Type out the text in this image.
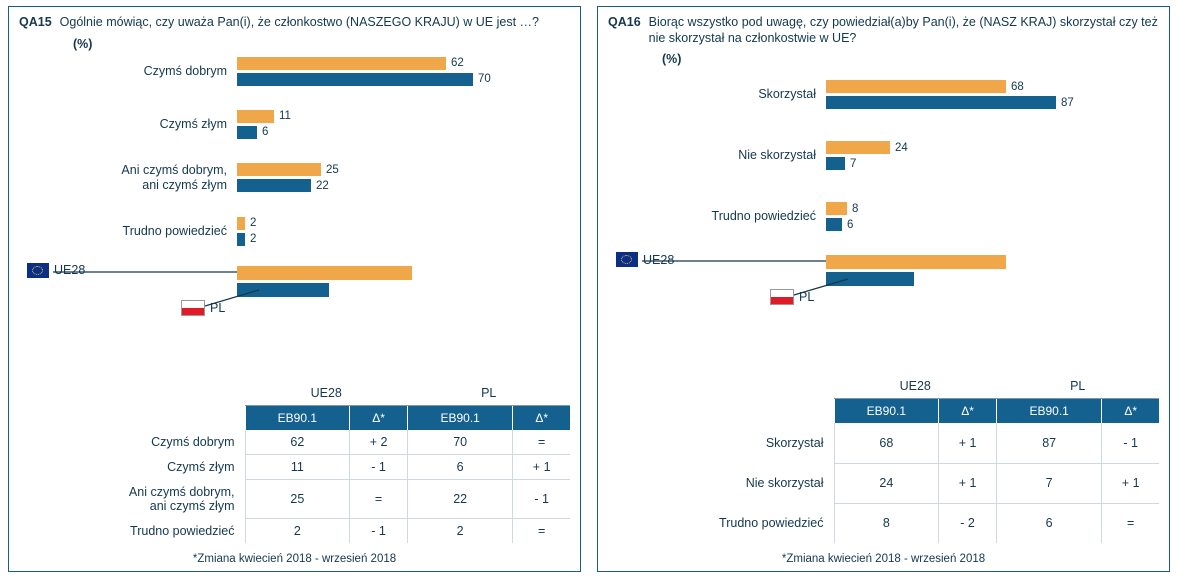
QA15 Ogólnie mówiąc, czy uważa Pan(i), że członkostwo (NASZEGO KRAJU) w UE jest …?
(%)
Czymś dobrym
62
70
Czymś złym
11
6
Ani czymś dobrym,
ani czymś złym
25
22
Trudno powiedzieć
2
2
UE28
PL
	UE28		PL	
	EB90.1	Δ*	EB90.1	Δ*
Czymś dobrym	62	+ 2	70	=
Czymś złym	11	- 1	6	+ 1
Ani czymś dobrym,
ani czymś złym	25	=	22	- 1
Trudno powiedzieć	2	- 1	2	=
*Zmiana kwiecień 2018 - wrzesień 2018
QA16 Biorąc wszystko pod uwagę, czy powiedział(a)by Pan(i), że (NASZ KRAJ) skorzystał czy też nie skorzystał na członkostwie w UE?
(%)
Skorzystał
68
87
Nie skorzystał
24
7
Trudno powiedzieć
8
6
UE28
PL
	UE28		PL	
	EB90.1	Δ*	EB90.1	Δ*
Skorzystał	68	+ 1	87	- 1
Nie skorzystał	24	+ 1	7	+ 1
Trudno powiedzieć	8	- 2	6	=
*Zmiana kwiecień 2018 - wrzesień 2018
